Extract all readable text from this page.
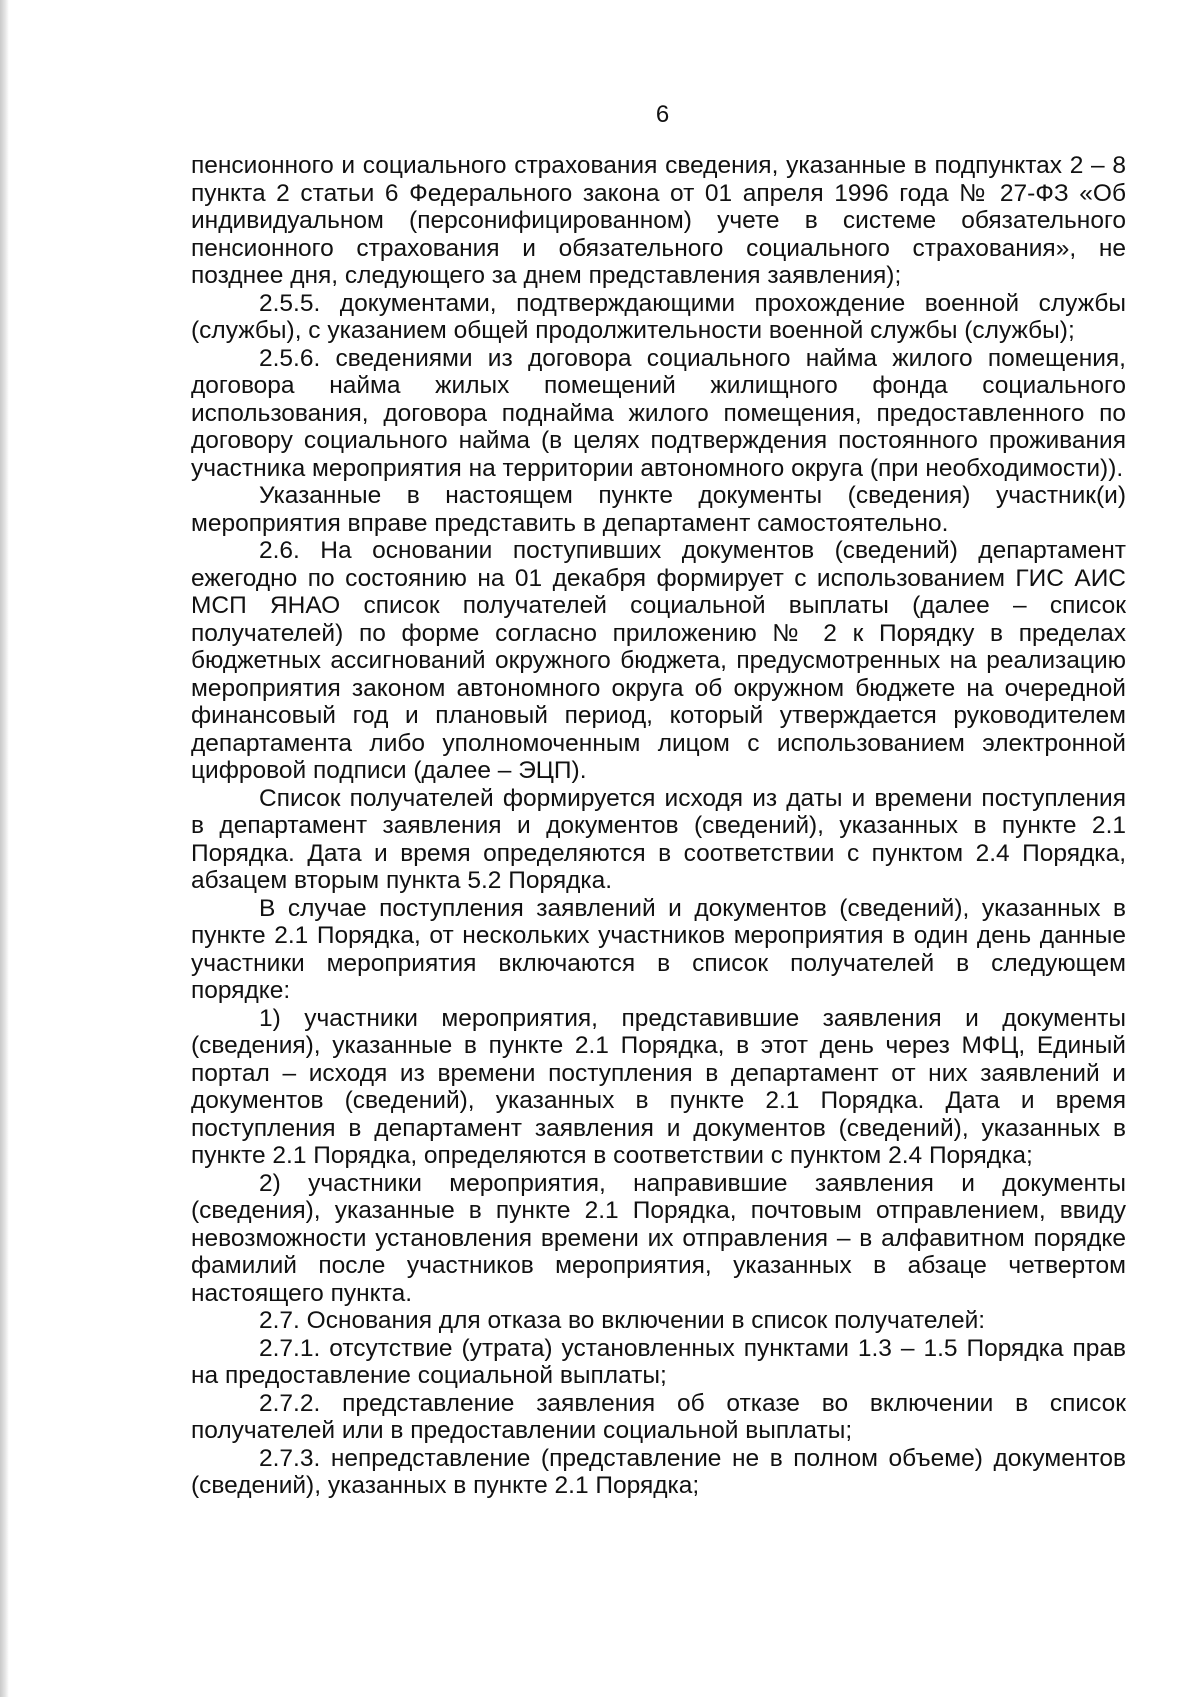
6

пенсионного и социального страхования сведения, указанные в подпунктах 2 – 8 пункта 2 статьи 6 Федерального закона от 01 апреля 1996 года № 27-ФЗ «Об индивидуальном (персонифицированном) учете в системе обязательного пенсионного страхования и обязательного социального страхования», не позднее дня, следующего за днем представления заявления);

2.5.5. документами, подтверждающими прохождение военной службы (службы), с указанием общей продолжительности военной службы (службы);

2.5.6. сведениями из договора социального найма жилого помещения, договора найма жилых помещений жилищного фонда социального использования, договора поднайма жилого помещения, предоставленного по договору социального найма (в целях подтверждения постоянного проживания участника мероприятия на территории автономного округа (при необходимости)).

Указанные в настоящем пункте документы (сведения) участник(и) мероприятия вправе представить в департамент самостоятельно.

2.6. На основании поступивших документов (сведений) департамент ежегодно по состоянию на 01 декабря формирует с использованием ГИС АИС МСП ЯНАО список получателей социальной выплаты (далее – список получателей) по форме согласно приложению № 2 к Порядку в пределах бюджетных ассигнований окружного бюджета, предусмотренных на реализацию мероприятия законом автономного округа об окружном бюджете на очередной финансовый год и плановый период, который утверждается руководителем департамента либо уполномоченным лицом с использованием электронной цифровой подписи (далее – ЭЦП).

Список получателей формируется исходя из даты и времени поступления в департамент заявления и документов (сведений), указанных в пункте 2.1 Порядка. Дата и время определяются в соответствии с пунктом 2.4 Порядка, абзацем вторым пункта 5.2 Порядка.

В случае поступления заявлений и документов (сведений), указанных в пункте 2.1 Порядка, от нескольких участников мероприятия в один день данные участники мероприятия включаются в список получателей в следующем порядке:

1) участники мероприятия, представившие заявления и документы (сведения), указанные в пункте 2.1 Порядка, в этот день через МФЦ, Единый портал – исходя из времени поступления в департамент от них заявлений и документов (сведений), указанных в пункте 2.1 Порядка. Дата и время поступления в департамент заявления и документов (сведений), указанных в пункте 2.1 Порядка, определяются в соответствии с пунктом 2.4 Порядка;

2) участники мероприятия, направившие заявления и документы (сведения), указанные в пункте 2.1 Порядка, почтовым отправлением, ввиду невозможности установления времени их отправления – в алфавитном порядке фамилий после участников мероприятия, указанных в абзаце четвертом настоящего пункта.

2.7. Основания для отказа во включении в список получателей:

2.7.1. отсутствие (утрата) установленных пунктами 1.3 – 1.5 Порядка прав на предоставление социальной выплаты;

2.7.2. представление заявления об отказе во включении в список получателей или в предоставлении социальной выплаты;

2.7.3. непредставление (представление не в полном объеме) документов (сведений), указанных в пункте 2.1 Порядка;
